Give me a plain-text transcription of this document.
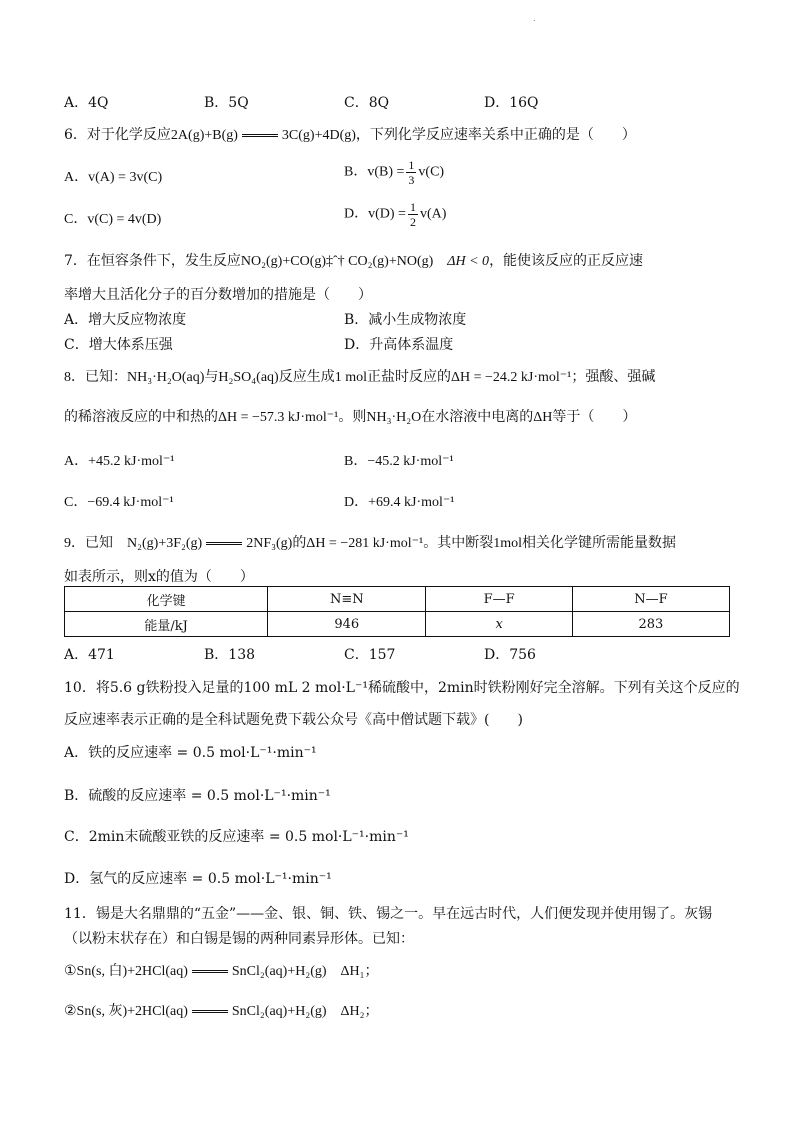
.
A．4Q	B．5Q	C．8Q	D．16Q
6．对于化学反应2A(g)+B(g)	3C(g)+4D(g)，下列化学反应速率关系中正确的是（　　）
A．v(A) = 3v(C)	B．$v(B) = \frac{1}{3} v(C)$
C．v(C) = 4v(D)	D．$v(D) = \frac{1}{2} v(A)$
7．在恒容条件下，发生反应NO₂(g)+CO(g)‡ˆ† CO₂(g)+NO(g)　 ΔH < 0，能使该反应的正反应速
率增大且活化分子的百分数增加的措施是（　　）
A．增大反应物浓度	B．减小生成物浓度
C．增大体系压强	D．升高体系温度
8．已知：NH₃·H₂O(aq)与H₂SO₄(aq)反应生成1 mol正盐时反应的ΔH = −24.2 kJ·mol⁻¹；强酸、强碱
的稀溶液反应的中和热的ΔH = −57.3 kJ·mol⁻¹。则NH₃·H₂O在水溶液中电离的ΔH等于（　　）
A．+45.2 kJ·mol⁻¹	B．−45.2 kJ·mol⁻¹
C．−69.4 kJ·mol⁻¹	D．+69.4 kJ·mol⁻¹
9．已知　 N₂(g)+3F₂(g)	2NF₃(g)的ΔH = −281 kJ·mol⁻¹。其中断裂1mol相关化学键所需能量数据
如表所示，则x的值为（　　）
化学键	N≡N	F—F	N—F
能量/kJ	946	x	283
A．471	B．138	C．157	D．756
10．将5.6 g铁粉投入足量的100 mL 2 mol·L⁻¹稀硫酸中，2min时铁粉刚好完全溶解。下列有关这个反应的
反应速率表示正确的是全科试题免费下载公众号《高中僧试题下载》(　　)
A．铁的反应速率 = 0.5 mol·L⁻¹·min⁻¹
B．硫酸的反应速率 = 0.5 mol·L⁻¹·min⁻¹
C．2min末硫酸亚铁的反应速率 = 0.5 mol·L⁻¹·min⁻¹
D．氢气的反应速率 = 0.5 mol·L⁻¹·min⁻¹
11．锡是大名鼎鼎的“五金”——金、银、铜、铁、锡之一。早在远古时代，人们便发现并使用锡了。灰锡
（以粉末状存在）和白锡是锡的两种同素异形体。已知：
①Sn(s, 白)+2HCl(aq)	SnCl₂(aq)+H₂(g)　ΔH₁；
②Sn(s, 灰)+2HCl(aq)	SnCl₂(aq)+H₂(g)　ΔH₂；
